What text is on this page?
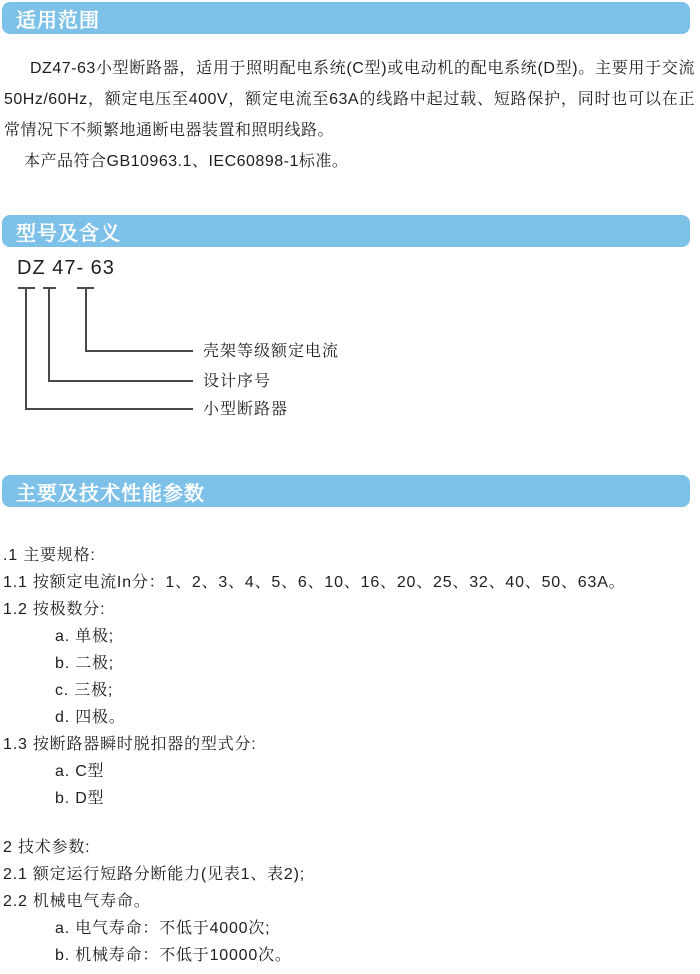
适用范围

DZ47-63小型断路器，适用于照明配电系统(C型)或电动机的配电系统(D型)。主要用于交流50Hz/60Hz，额定电压至400V，额定电流至63A的线路中起过载、短路保护，同时也可以在正常情况下不频繁地通断电器装置和照明线路。

本产品符合GB10963.1、IEC60898-1标准。

型号及含义
DZ 47- 63
壳架等级额定电流
设计序号
小型断路器
主要及技术性能参数
.1 主要规格:
1.1 按额定电流In分：1、2、3、4、5、6、10、16、20、25、32、40、50、63A。
1.2 按极数分:
a. 单极;
b. 二极;
c. 三极;
d. 四极。
1.3 按断路器瞬时脱扣器的型式分:
a. C型
b. D型
2 技术参数:
2.1 额定运行短路分断能力(见表1、表2);
2.2 机械电气寿命。
a. 电气寿命：不低于4000次;
b. 机械寿命：不低于10000次。
